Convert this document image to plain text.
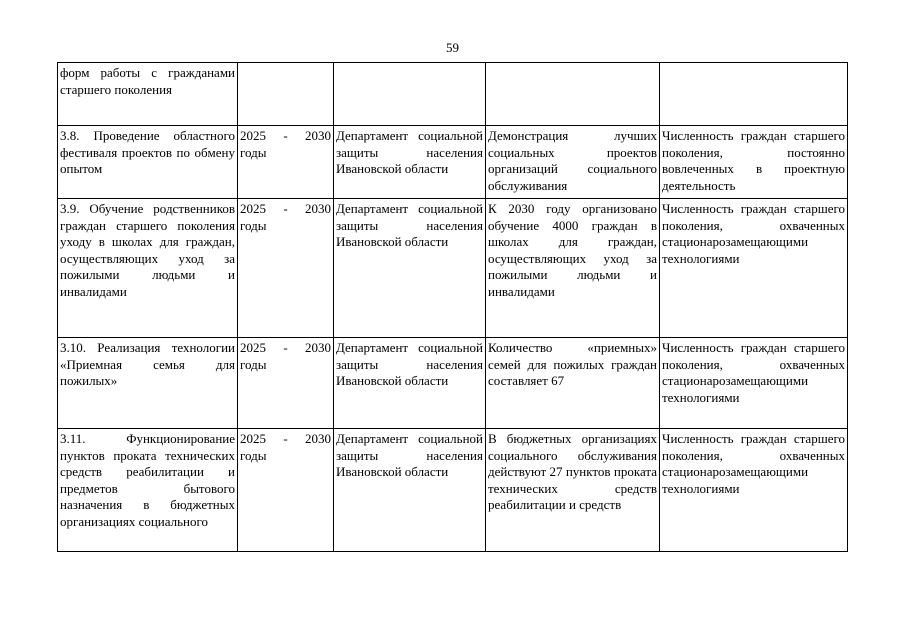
59
форм работы с гражданами старшего поколения				
3.8. Проведение областного фестиваля проектов по обмену опытом	2025 - 2030 годы	Департамент социальной защиты населения Ивановской области	Демонстрация лучших социальных проектов организаций социального обслуживания	Численность граждан старшего поколения, постоянно вовлеченных в проектную деятельность
3.9. Обучение родственников граждан старшего поколения уходу в школах для граждан, осуществляющих уход за пожилыми людьми и инвалидами	2025 - 2030 годы	Департамент социальной защиты населения Ивановской области	К 2030 году организовано обучение 4000 граждан в школах для граждан, осуществляющих уход за пожилыми людьми и инвалидами	Численность граждан старшего поколения, охваченных стационарозамещающими технологиями
3.10. Реализация технологии «Приемная семья для пожилых»	2025 - 2030 годы	Департамент социальной защиты населения Ивановской области	Количество «приемных» семей для пожилых граждан составляет 67	Численность граждан старшего поколения, охваченных стационарозамещающими технологиями
3.11. Функционирование пунктов проката технических средств реабилитации и предметов бытового назначения в бюджетных организациях социального	2025 - 2030 годы	Департамент социальной защиты населения Ивановской области	В бюджетных организациях социального обслуживания действуют 27 пунктов проката технических средств реабилитации и средств	Численность граждан старшего поколения, охваченных стационарозамещающими технологиями
